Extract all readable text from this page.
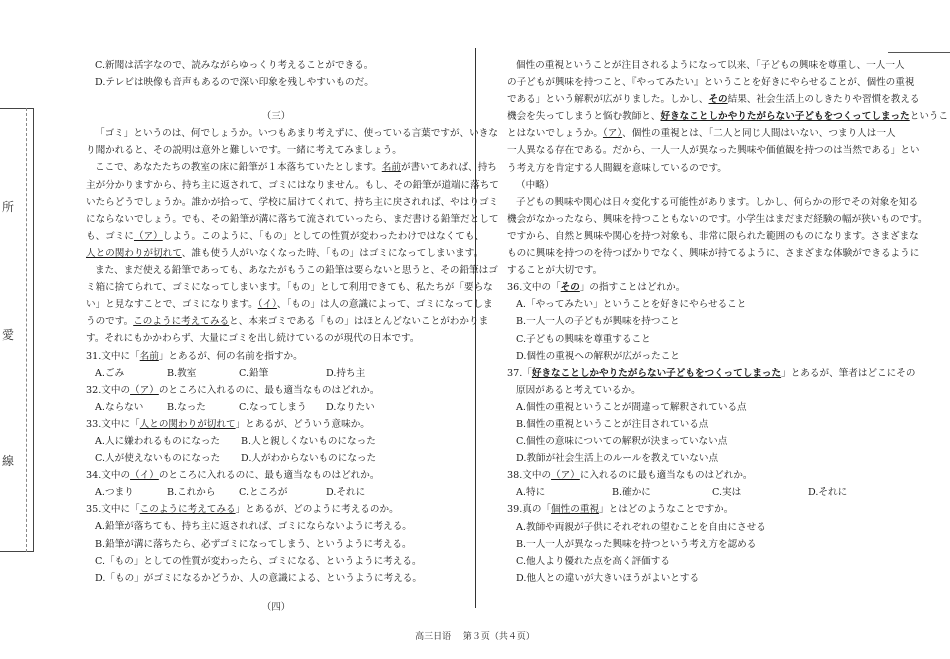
所
愛
線
C.新聞は活字なので、読みながらゆっくり考えることができる。
D.テレビは映像も音声もあるので深い印象を残しやすいものだ。
（三）
「ゴミ」というのは、何でしょうか。いつもあまり考えずに、使っている言葉ですが、いきな
り聞かれると、その説明は意外と難しいです。一緒に考えてみましょう。
ここで、あなたたちの教室の床に鉛筆が１本落ちていたとします。名前が書いてあれば、持ち
主が分かりますから、持ち主に返されて、ゴミにはなりません。もし、その鉛筆が道端に落ちて
いたらどうでしょうか。誰かが拾って、学校に届けてくれて、持ち主に戻されれば、やはりゴミ
にならないでしょう。でも、その鉛筆が溝に落ちて流されていったら、まだ書ける鉛筆だとして
も、ゴミに（ア）しよう。このように、「もの」としての性質が変わったわけではなくても、
人との関わりが切れて、誰も使う人がいなくなった時、「もの」はゴミになってしまいます。
また、まだ使える鉛筆であっても、あなたがもうこの鉛筆は要らないと思うと、その鉛筆はゴ
ミ箱に捨てられて、ゴミになってしまいます。「もの」として利用できても、私たちが「要らな
い」と見なすことで、ゴミになります。（イ）、「もの」は人の意識によって、ゴミになってしま
うのです。このように考えてみると、本来ゴミである「もの」はほとんどないことがわかりま
す。それにもかかわらず、大量にゴミを出し続けているのが現代の日本です。
31.文中に「名前」とあるが、何の名前を指すか。
A.ごみ	B.教室	C.鉛筆	D.持ち主
32.文中の（ア）のところに入れるのに、最も適当なものはどれか。
A.ならない	B.なった	C.なってしまう	D.なりたい
33.文中に「人との関わりが切れて」とあるが、どういう意味か。
A.人に嫌われるものになった	B.人と親しくないものになった
C.人が使えないものになった	D.人がわからないものになった
34.文中の（イ）のところに入れるのに、最も適当なものはどれか。
A.つまり	B.これから	C.ところが	D.それに
35.文中に「このように考えてみる」とあるが、どのように考えるのか。
A.鉛筆が落ちても、持ち主に返されれば、ゴミにならないように考える。
B.鉛筆が溝に落ちたら、必ずゴミになってしまう、というように考える。
C.「もの」としての性質が変わったら、ゴミになる、というように考える。
D.「もの」がゴミになるかどうか、人の意識による、というように考える。
（四）
個性の重視ということが注目されるようになって以来、「子どもの興味を尊重し、一人一人
の子どもが興味を持つこと、『やってみたい』ということを好きにやらせることが、個性の重視
である」という解釈が広がりました。しかし、その結果、社会生活上のしきたりや習慣を教える
機会を失ってしまうと悩む教師と、好きなことしかやりたがらない子どもをつくってしまったというこ
とはないでしょうか。（ア）、個性の重視とは、「二人と同じ人間はいない、つまり人は一人
一人異なる存在である。だから、一人一人が異なった興味や価値観を持つのは当然である」とい
う考え方を肯定する人間観を意味しているのです。
（中略）
子どもの興味や関心は日々変化する可能性があります。しかし、何らかの形でその対象を知る
機会がなかったなら、興味を持つこともないのです。小学生はまだまだ経験の幅が狭いものです。
ですから、自然と興味や関心を持つ対象も、非常に限られた範囲のものになります。さまざまな
ものに興味を持つのを待つばかりでなく、興味が持てるように、さまざまな体験ができるように
することが大切です。
36.文中の「その」の指すことはどれか。
A.「やってみたい」ということを好きにやらせること
B.一人一人の子どもが興味を持つこと
C.子どもの興味を尊重すること
D.個性の重視への解釈が広がったこと
37.「好きなことしかやりたがらない子どもをつくってしまった」とあるが、筆者はどこにその
原因があると考えているか。
A.個性の重視ということが間違って解釈されている点
B.個性の重視ということが注目されている点
C.個性の意味についての解釈が決まっていない点
D.教師が社会生活上のルールを教えていない点
38.文中の（ア）に入れるのに最も適当なものはどれか。
A.特に	B.確かに	C.実は	D.それに
39.真の「個性の重視」とはどのようなことですか。
A.教師や両親が子供にそれぞれの望むことを自由にさせる
B.一人一人が異なった興味を持つという考え方を認める
C.他人より優れた点を高く評価する
D.他人との違いが大きいほうがよいとする
高三日语　 第３页（共４页）
